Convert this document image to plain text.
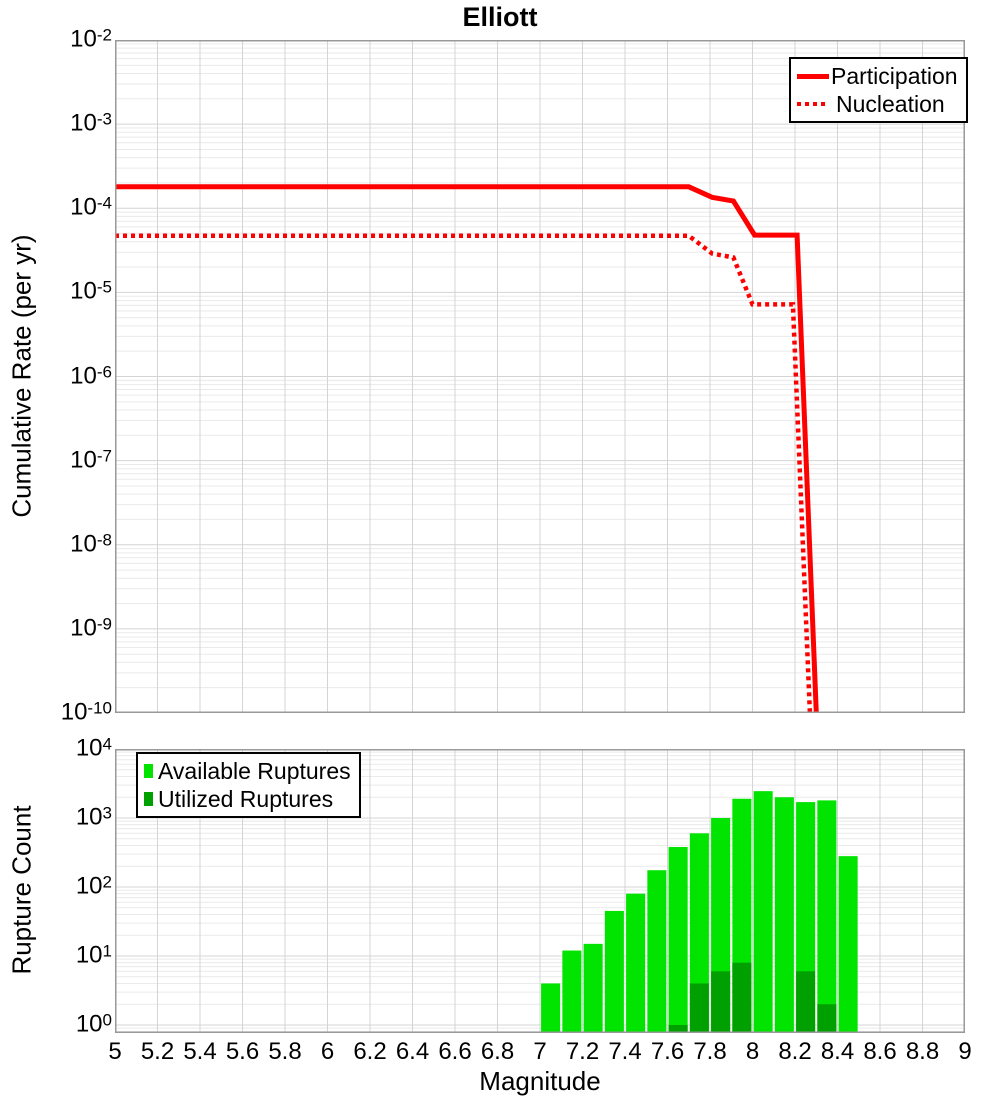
Elliott
Cumulative Rate (per yr)
Rupture Count
Magnitude
Participation
Nucleation
Available Ruptures
Utilized Ruptures
$10^{-2}$
$10^{-3}$
$10^{-4}$
$10^{-5}$
$10^{-6}$
$10^{-7}$
$10^{-8}$
$10^{-9}$
$10^{-10}$
$10^4$
$10^3$
$10^2$
$10^1$
$10^0$
5 5.2 5.4 5.6 5.8 6 6.2 6.4 6.6 6.8 7 7.2 7.4 7.6 7.8 8 8.2 8.4 8.6 8.8 9
